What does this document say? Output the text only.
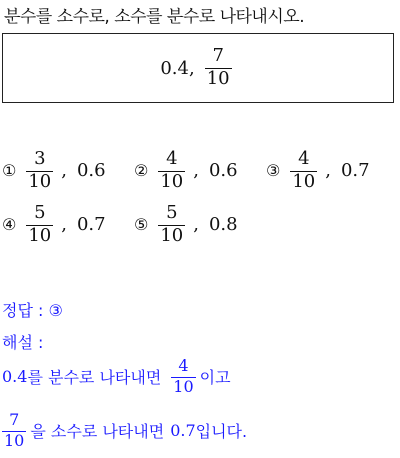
분수를 소수로, 소수를 분수로 나타내시오.
0.4, $\frac{7}{10}$
① $\frac{3}{10}$ , 0.6 ② $\frac{4}{10}$ , 0.6 ③ $\frac{4}{10}$ , 0.7
④ $\frac{5}{10}$ , 0.7 ⑤ $\frac{5}{10}$ , 0.8
정답 : ③
해설 :
0.4 를 분수로 나타내면 $\frac{4}{10}$ 이고
$\frac{7}{10}$ 을 소수로 나타내면 0.7 입니다.
